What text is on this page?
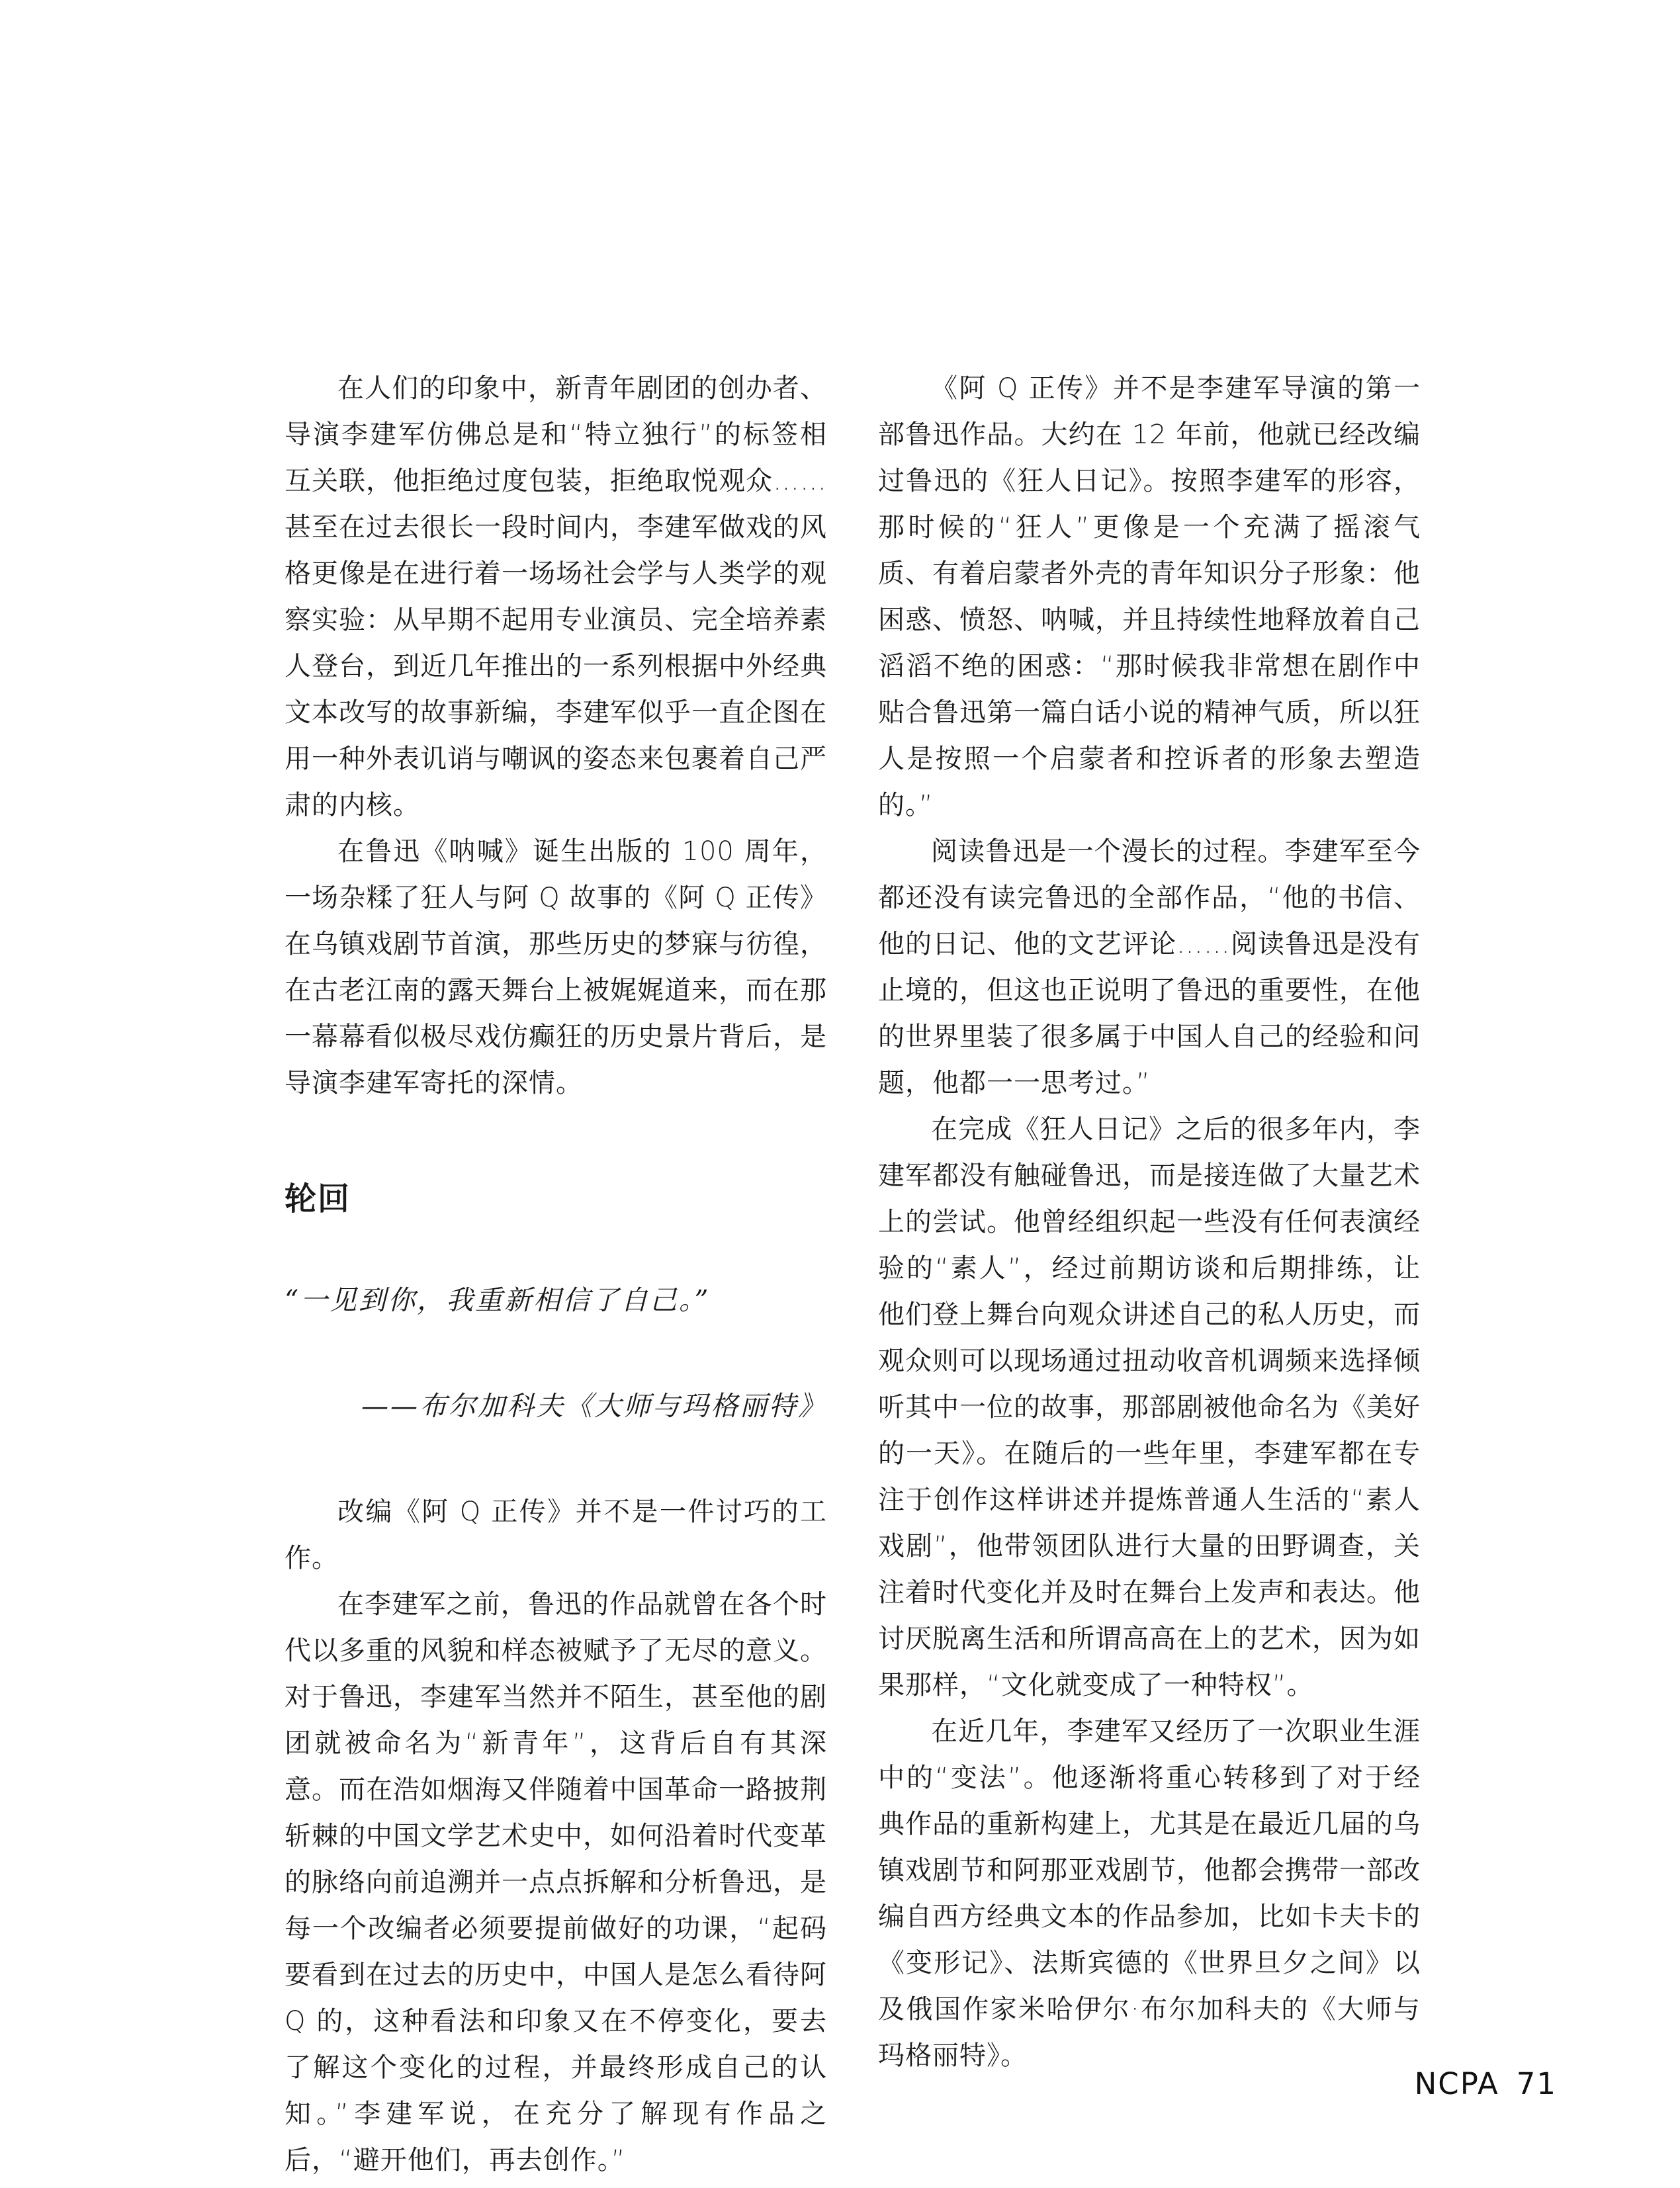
在人们的印象中，新青年剧团的创办者、导演李建军仿佛总是和“特立独行”的标签相互关联，他拒绝过度包装，拒绝取悦观众……甚至在过去很长一段时间内，李建军做戏的风格更像是在进行着一场场社会学与人类学的观察实验：从早期不起用专业演员、完全培养素人登台，到近几年推出的一系列根据中外经典文本改写的故事新编，李建军似乎一直企图在用一种外表讥诮与嘲讽的姿态来包裹着自己严肃的内核。

在鲁迅《呐喊》诞生出版的 100 周年，一场杂糅了狂人与阿 Q 故事的《阿 Q 正传》在乌镇戏剧节首演，那些历史的梦寐与彷徨，在古老江南的露天舞台上被娓娓道来，而在那一幕幕看似极尽戏仿癫狂的历史景片背后，是导演李建军寄托的深情。

轮回

“一见到你，我重新相信了自己。”

——布尔加科夫《大师与玛格丽特》

改编《阿 Q 正传》并不是一件讨巧的工作。

在李建军之前，鲁迅的作品就曾在各个时代以多重的风貌和样态被赋予了无尽的意义。对于鲁迅，李建军当然并不陌生，甚至他的剧团就被命名为“新青年”，这背后自有其深意。而在浩如烟海又伴随着中国革命一路披荆斩棘的中国文学艺术史中，如何沿着时代变革的脉络向前追溯并一点点拆解和分析鲁迅，是每一个改编者必须要提前做好的功课，“起码要看到在过去的历史中，中国人是怎么看待阿 Q 的，这种看法和印象又在不停变化，要去了解这个变化的过程，并最终形成自己的认知。”李建军说，在充分了解现有作品之后，“避开他们，再去创作。”

《阿 Q 正传》并不是李建军导演的第一部鲁迅作品。大约在 12 年前，他就已经改编过鲁迅的《狂人日记》。按照李建军的形容，那时候的“狂人”更像是一个充满了摇滚气质、有着启蒙者外壳的青年知识分子形象：他困惑、愤怒、呐喊，并且持续性地释放着自己滔滔不绝的困惑：“那时候我非常想在剧作中贴合鲁迅第一篇白话小说的精神气质，所以狂人是按照一个启蒙者和控诉者的形象去塑造的。”

阅读鲁迅是一个漫长的过程。李建军至今都还没有读完鲁迅的全部作品，“他的书信、他的日记、他的文艺评论……阅读鲁迅是没有止境的，但这也正说明了鲁迅的重要性，在他的世界里装了很多属于中国人自己的经验和问题，他都一一思考过。”

在完成《狂人日记》之后的很多年内，李建军都没有触碰鲁迅，而是接连做了大量艺术上的尝试。他曾经组织起一些没有任何表演经验的“素人”，经过前期访谈和后期排练，让他们登上舞台向观众讲述自己的私人历史，而观众则可以现场通过扭动收音机调频来选择倾听其中一位的故事，那部剧被他命名为《美好的一天》。在随后的一些年里，李建军都在专注于创作这样讲述并提炼普通人生活的“素人戏剧”，他带领团队进行大量的田野调查，关注着时代变化并及时在舞台上发声和表达。他讨厌脱离生活和所谓高高在上的艺术，因为如果那样，“文化就变成了一种特权”。

在近几年，李建军又经历了一次职业生涯中的“变法”。他逐渐将重心转移到了对于经典作品的重新构建上，尤其是在最近几届的乌镇戏剧节和阿那亚戏剧节，他都会携带一部改编自西方经典文本的作品参加，比如卡夫卡的《变形记》、法斯宾德的《世界旦夕之间》以及俄国作家米哈伊尔·布尔加科夫的《大师与玛格丽特》。

NCPA 71
